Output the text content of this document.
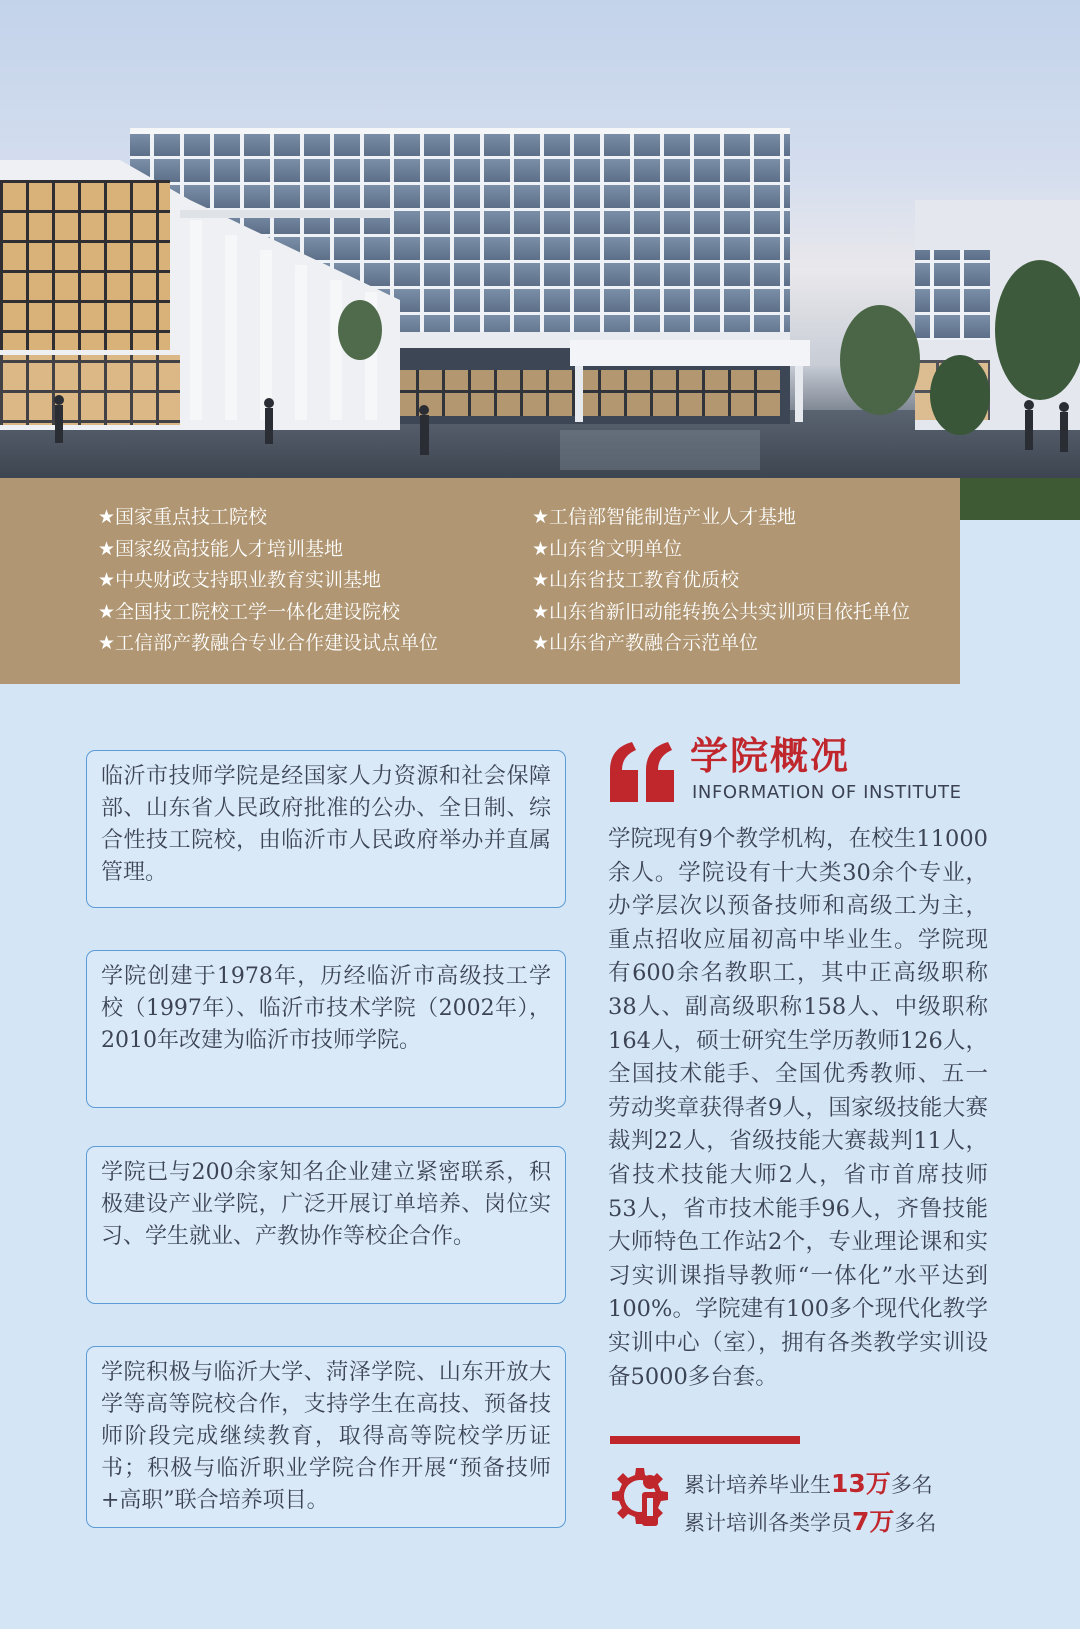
★国家重点技工院校
★国家级高技能人才培训基地
★中央财政支持职业教育实训基地
★全国技工院校工学一体化建设院校
★工信部产教融合专业合作建设试点单位
★工信部智能制造产业人才基地
★山东省文明单位
★山东省技工教育优质校
★山东省新旧动能转换公共实训项目依托单位
★山东省产教融合示范单位
临沂市技师学院是经国家人力资源和社会保障部、山东省人民政府批准的公办、全日制、综合性技工院校，由临沂市人民政府举办并直属管理。
学院创建于1978年，历经临沂市高级技工学校（1997年）、临沂市技术学院（2002年），2010年改建为临沂市技师学院。
学院已与200余家知名企业建立紧密联系，积极建设产业学院，广泛开展订单培养、岗位实习、学生就业、产教协作等校企合作。
学院积极与临沂大学、菏泽学院、山东开放大学等高等院校合作，支持学生在高技、预备技师阶段完成继续教育，取得高等院校学历证书；积极与临沂职业学院合作开展“预备技师+高职”联合培养项目。
学院概况
INFORMATION OF INSTITUTE
学院现有9个教学机构，在校生11000余人。学院设有十大类30余个专业，办学层次以预备技师和高级工为主，重点招收应届初高中毕业生。学院现有600余名教职工，其中正高级职称38人、副高级职称158人、中级职称164人，硕士研究生学历教师126人，全国技术能手、全国优秀教师、五一劳动奖章获得者9人，国家级技能大赛裁判22人，省级技能大赛裁判11人，省技术技能大师2人，省市首席技师53人，省市技术能手96人，齐鲁技能大师特色工作站2个，专业理论课和实习实训课指导教师“一体化”水平达到100%。学院建有100多个现代化教学实训中心（室），拥有各类教学实训设备5000多台套。
累计培养毕业生13万多名
累计培训各类学员7万多名
